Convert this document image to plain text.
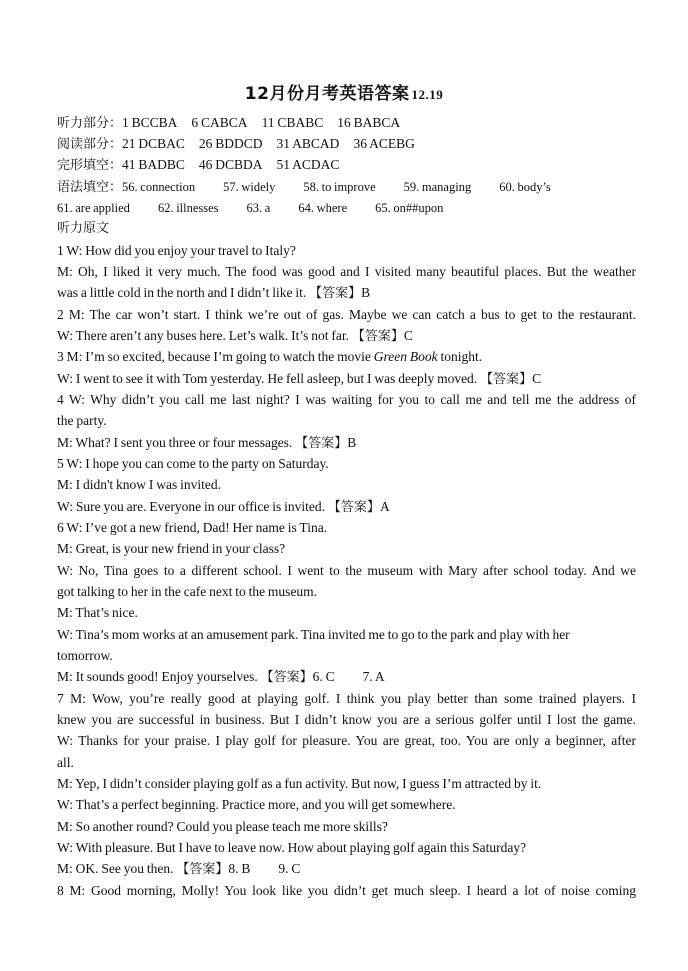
12月份月考英语答案 12.19
听力部分：1 BCCBA 6 CABCA 11 CBABC 16 BABCA
阅读部分：21 DCBAC 26 BDDCD 31 ABCAD 36 ACEBG
完形填空：41 BADBC 46 DCBDA 51 ACDAC
语法填空：56. connection 57. widely 58. to improve 59. managing 60. body’s
61. are applied 62. illnesses 63. a 64. where 65. on##upon
听力原文
1 W: How did you enjoy your travel to Italy?
M: Oh, I liked it very much. The food was good and I visited many beautiful places. But the weather
was a little cold in the north and I didn’t like it. 【答案】B
2 M: The car won’t start. I think we’re out of gas. Maybe we can catch a bus to get to the restaurant.
W: There aren’t any buses here. Let’s walk. It’s not far. 【答案】C
3 M: I’m so excited, because I’m going to watch the movie Green Book tonight.
W: I went to see it with Tom yesterday. He fell asleep, but I was deeply moved. 【答案】C
4 W: Why didn’t you call me last night? I was waiting for you to call me and tell me the address of
the party.
M: What? I sent you three or four messages. 【答案】B
5 W: I hope you can come to the party on Saturday.
M: I didn't know I was invited.
W: Sure you are. Everyone in our office is invited. 【答案】A
6 W: I’ve got a new friend, Dad! Her name is Tina.
M: Great, is your new friend in your class?
W: No, Tina goes to a different school. I went to the museum with Mary after school today. And we
got talking to her in the cafe next to the museum.
M: That’s nice.
W: Tina’s mom works at an amusement park. Tina invited me to go to the park and play with her
tomorrow.
M: It sounds good! Enjoy yourselves. 【答案】6. C 7. A
7 M: Wow, you’re really good at playing golf. I think you play better than some trained players. I
knew you are successful in business. But I didn’t know you are a serious golfer until I lost the game.
W: Thanks for your praise. I play golf for pleasure. You are great, too. You are only a beginner, after
all.
M: Yep, I didn’t consider playing golf as a fun activity. But now, I guess I’m attracted by it.
W: That’s a perfect beginning. Practice more, and you will get somewhere.
M: So another round? Could you please teach me more skills?
W: With pleasure. But I have to leave now. How about playing golf again this Saturday?
M: OK. See you then. 【答案】8. B 9. C
8 M: Good morning, Molly! You look like you didn’t get much sleep. I heard a lot of noise coming
